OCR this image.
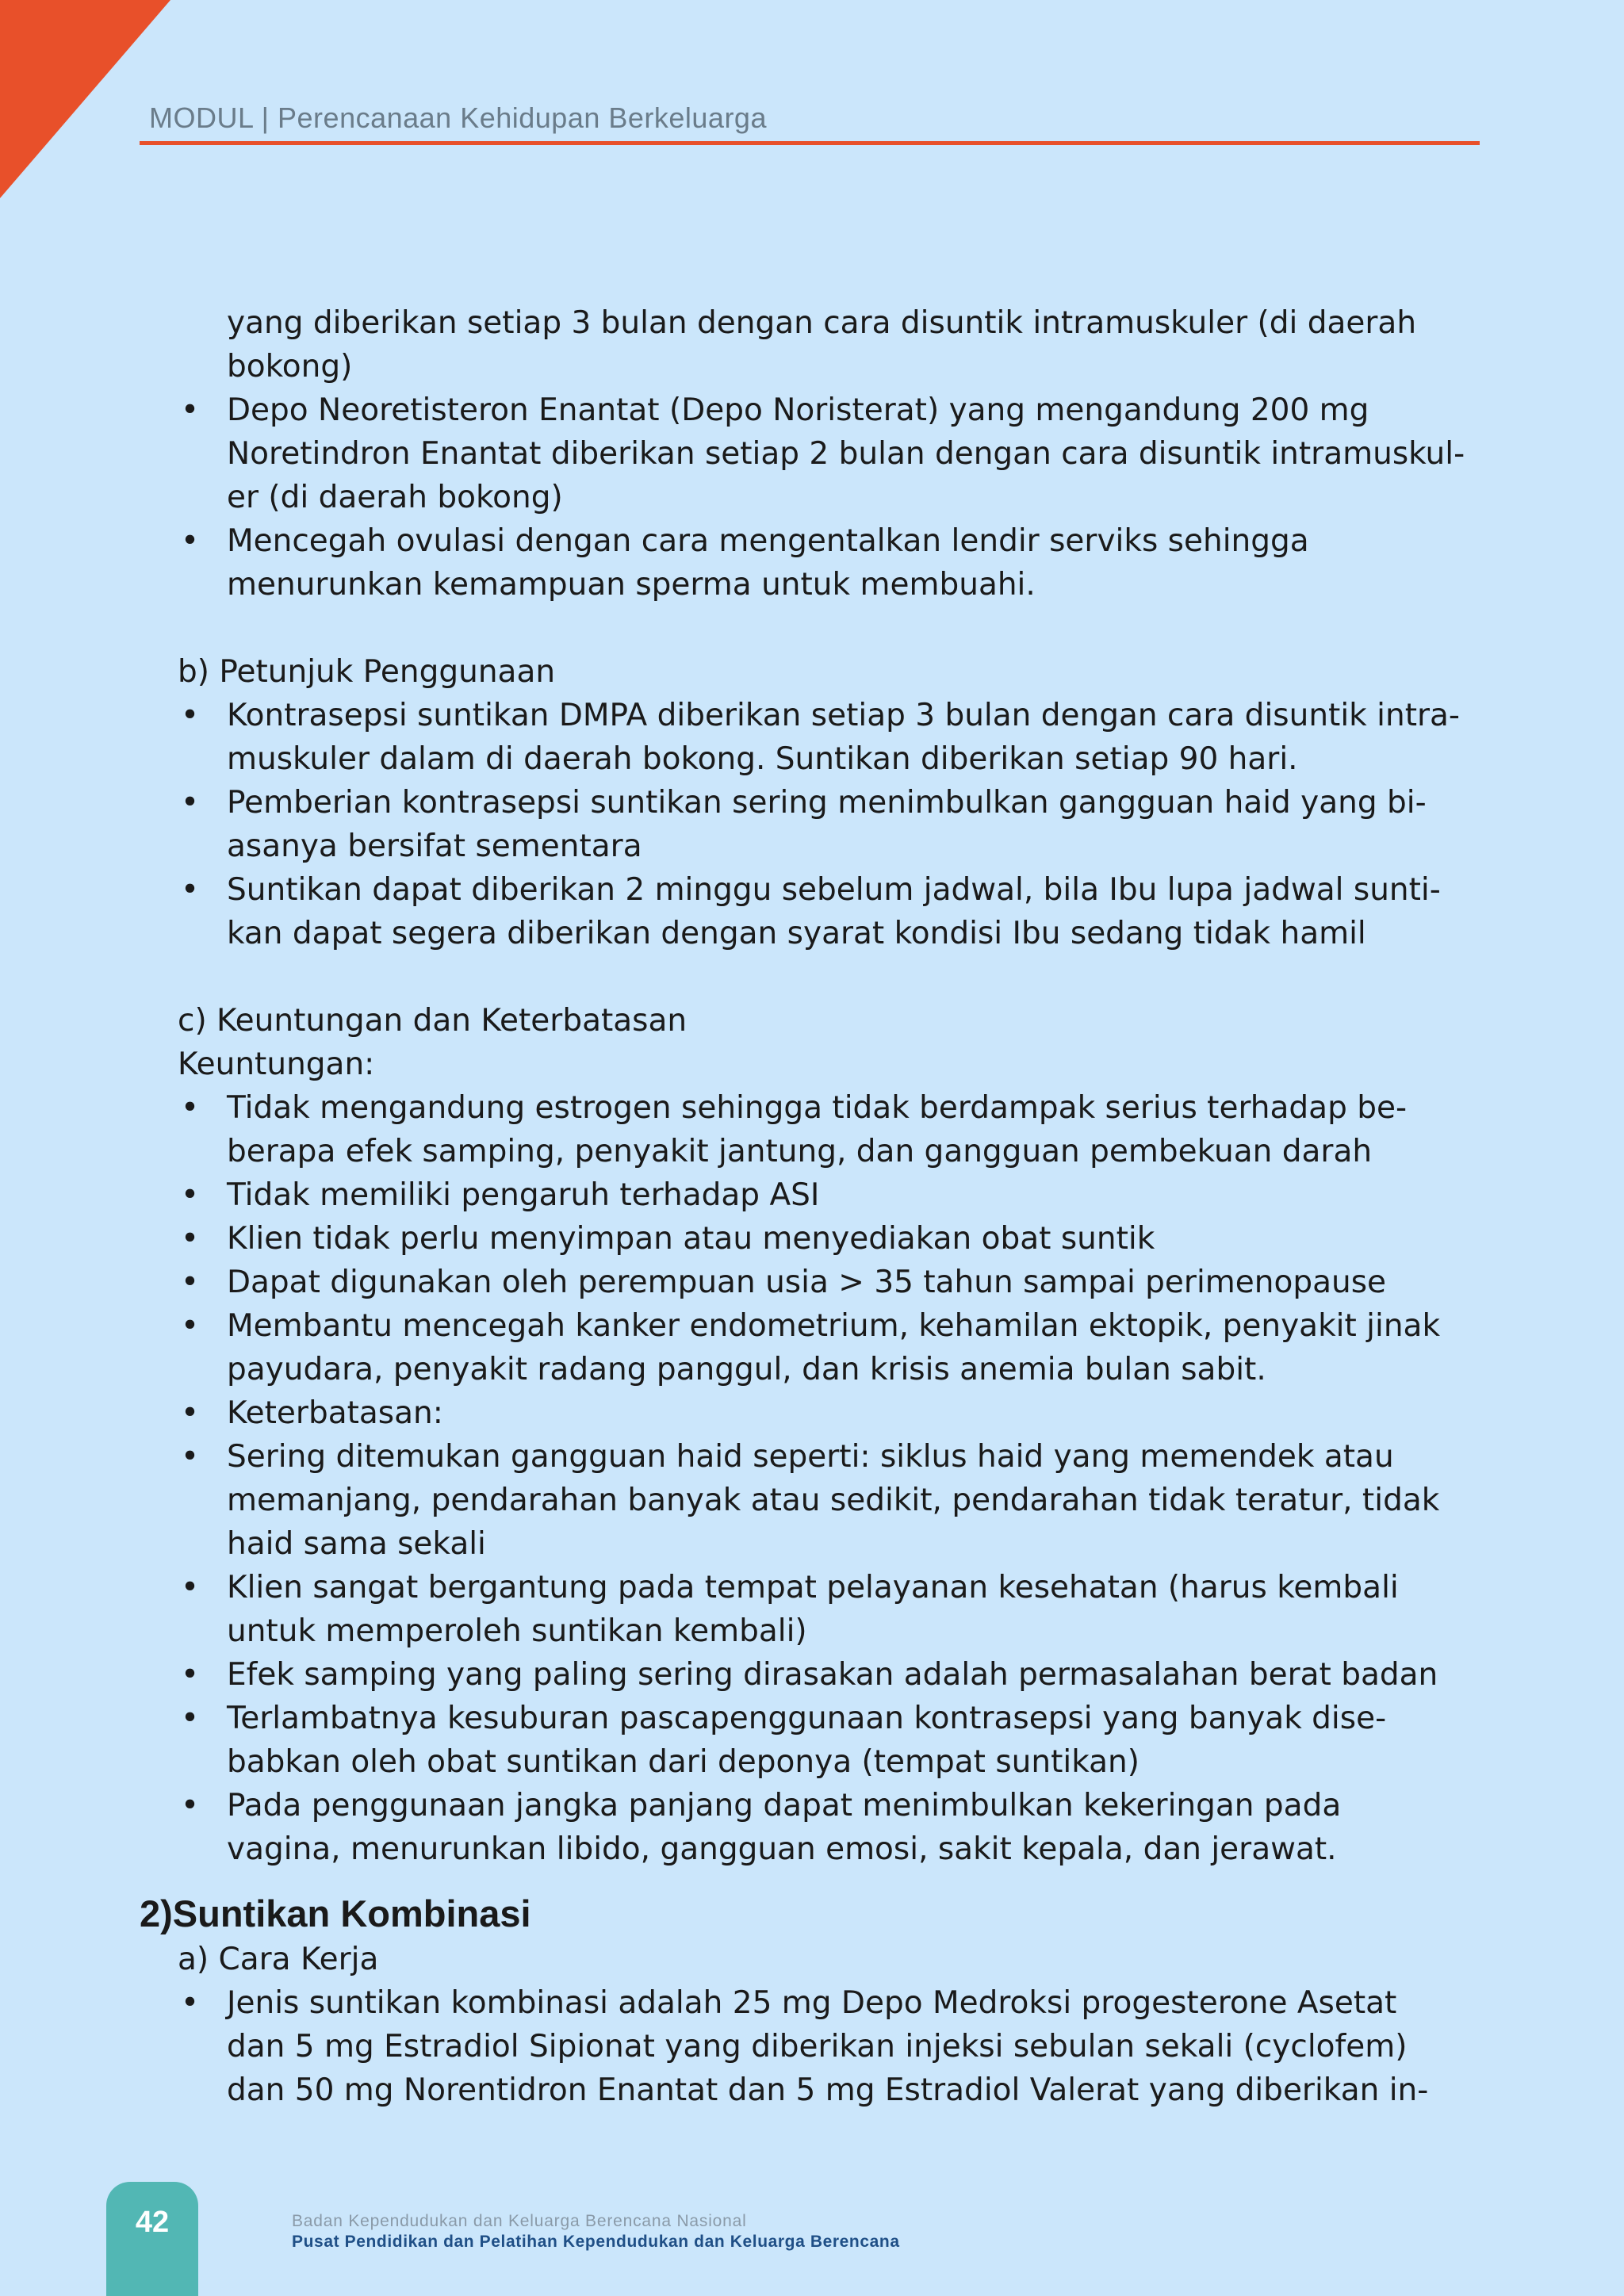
MODUL | Perencanaan Kehidupan Berkeluarga
yang diberikan setiap 3 bulan dengan cara disuntik intramuskuler (di daerah
bokong)
• Depo Neoretisteron Enantat (Depo Noristerat) yang mengandung 200 mg
Noretindron Enantat diberikan setiap 2 bulan dengan cara disuntik intramuskul-
er (di daerah bokong)
• Mencegah ovulasi dengan cara mengentalkan lendir serviks sehingga
menurunkan kemampuan sperma untuk membuahi.
b) Petunjuk Penggunaan
• Kontrasepsi suntikan DMPA diberikan setiap 3 bulan dengan cara disuntik intra-
muskuler dalam di daerah bokong. Suntikan diberikan setiap 90 hari.
• Pemberian kontrasepsi suntikan sering menimbulkan gangguan haid yang bi-
asanya bersifat sementara
• Suntikan dapat diberikan 2 minggu sebelum jadwal, bila Ibu lupa jadwal sunti-
kan dapat segera diberikan dengan syarat kondisi Ibu sedang tidak hamil
c) Keuntungan dan Keterbatasan
Keuntungan:
• Tidak mengandung estrogen sehingga tidak berdampak serius terhadap be-
berapa efek samping, penyakit jantung, dan gangguan pembekuan darah
• Tidak memiliki pengaruh terhadap ASI
• Klien tidak perlu menyimpan atau menyediakan obat suntik
• Dapat digunakan oleh perempuan usia > 35 tahun sampai perimenopause
• Membantu mencegah kanker endometrium, kehamilan ektopik, penyakit jinak
payudara, penyakit radang panggul, dan krisis anemia bulan sabit.
• Keterbatasan:
• Sering ditemukan gangguan haid seperti: siklus haid yang memendek atau
memanjang, pendarahan banyak atau sedikit, pendarahan tidak teratur, tidak
haid sama sekali
• Klien sangat bergantung pada tempat pelayanan kesehatan (harus kembali
untuk memperoleh suntikan kembali)
• Efek samping yang paling sering dirasakan adalah permasalahan berat badan
• Terlambatnya kesuburan pascapenggunaan kontrasepsi yang banyak dise-
babkan oleh obat suntikan dari deponya (tempat suntikan)
• Pada penggunaan jangka panjang dapat menimbulkan kekeringan pada
vagina, menurunkan libido, gangguan emosi, sakit kepala, dan jerawat.
2)Suntikan Kombinasi
a) Cara Kerja
• Jenis suntikan kombinasi adalah 25 mg Depo Medroksi progesterone Asetat
dan 5 mg Estradiol Sipionat yang diberikan injeksi sebulan sekali (cyclofem)
dan 50 mg Norentidron Enantat dan 5 mg Estradiol Valerat yang diberikan in-
42	Badan Kependudukan dan Keluarga Berencana Nasional
Pusat Pendidikan dan Pelatihan Kependudukan dan Keluarga Berencana
